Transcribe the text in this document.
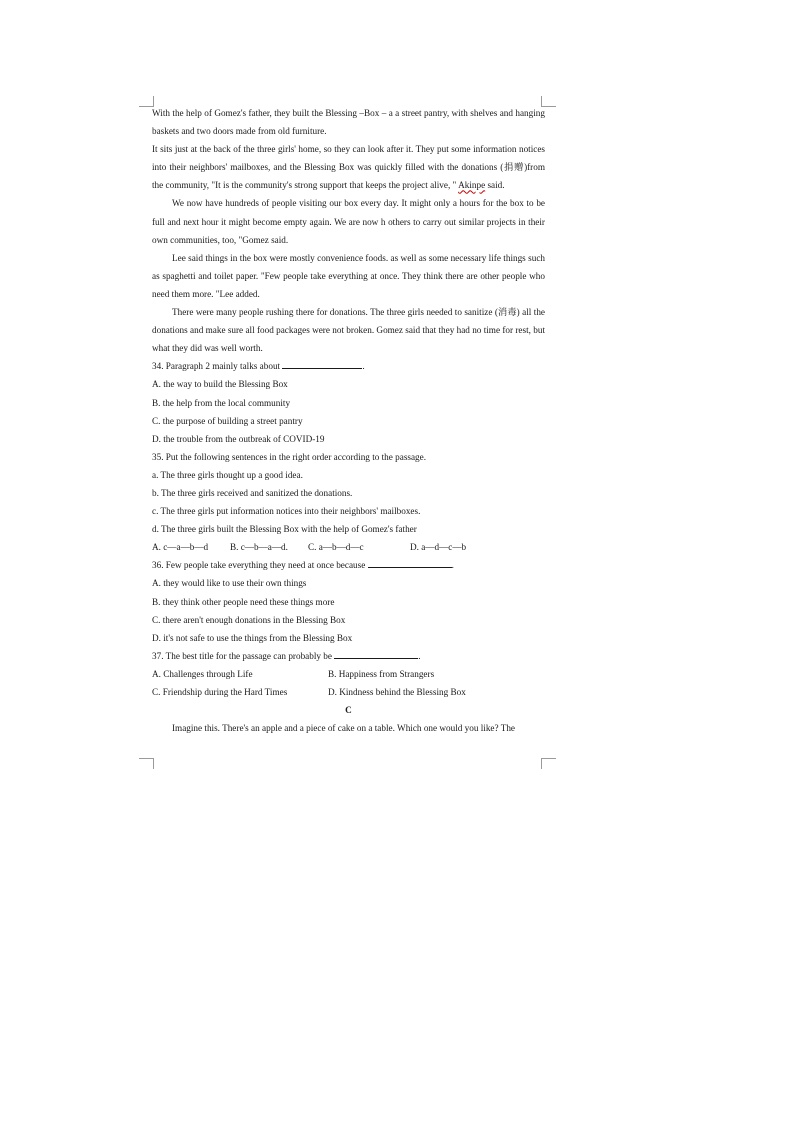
With the help of Gomez's father, they built the Blessing –Box – a a street pantry, with shelves and hanging baskets and two doors made from old furniture.

It sits just at the back of the three girls' home, so they can look after it. They put some information notices into their neighbors' mailboxes, and the Blessing Box was quickly filled with the donations (捐赠)from the community, "It is the community's strong support that keeps the project alive, " Akinpe said.

We now have hundreds of people visiting our box every day. It might only a hours for the box to be full and next hour it might become empty again. We are now h others to carry out similar projects in their own communities, too, "Gomez said.

Lee said things in the box were mostly convenience foods. as well as some necessary life things such as spaghetti and toilet paper. "Few people take everything at once. They think there are other people who need them more. "Lee added.

There were many people rushing there for donations. The three girls needed to sanitize (消毒) all the donations and make sure all food packages were not broken. Gomez said that they had no time for rest, but what they did was well worth.

34. Paragraph 2 mainly talks about	.

A. the way to build the Blessing Box

B. the help from the local community

C. the purpose of building a street pantry

D. the trouble from the outbreak of COVID-19

35. Put the following sentences in the right order according to the passage.

a. The three girls thought up a good idea.

b. The three girls received and sanitized the donations.

c. The three girls put information notices into their neighbors' mailboxes.

d. The three girls built the Blessing Box with the help of Gomez's father

A. c—a—b—d	B. c—b—a—d.	C. a—b—d—c	D. a—d—c—b

36. Few people take everything they need at once because	.

A. they would like to use their own things

B. they think other people need these things more

C. there aren't enough donations in the Blessing Box

D. it's not safe to use the things from the Blessing Box

37. The best title for the passage can probably be	.

A. Challenges through Life	B. Happiness from Strangers

C. Friendship during the Hard Times	D. Kindness behind the Blessing Box

C

Imagine this. There's an apple and a piece of cake on a table. Which one would you like? The
